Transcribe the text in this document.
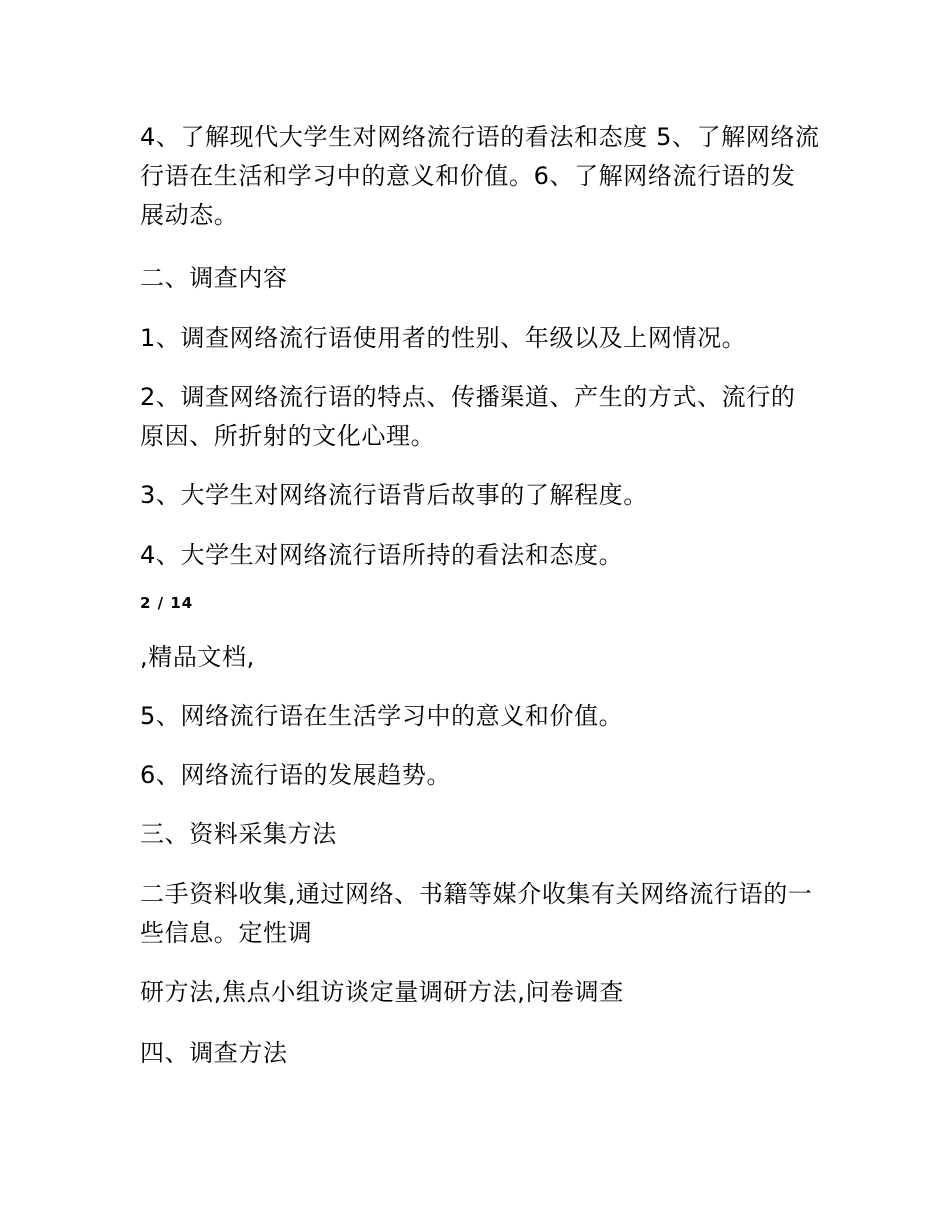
4、了解现代大学生对网络流行语的看法和态度 5、了解网络流行语在生活和学习中的意义和价值。6、了解网络流行语的发展动态。

二、调查内容

1、调查网络流行语使用者的性别、年级以及上网情况。

2、调查网络流行语的特点、传播渠道、产生的方式、流行的原因、所折射的文化心理。

3、大学生对网络流行语背后故事的了解程度。

4、大学生对网络流行语所持的看法和态度。

2 / 14

,精品文档,

5、网络流行语在生活学习中的意义和价值。

6、网络流行语的发展趋势。

三、资料采集方法

二手资料收集,通过网络、书籍等媒介收集有关网络流行语的一些信息。定性调

研方法,焦点小组访谈定量调研方法,问卷调查

四、调查方法
